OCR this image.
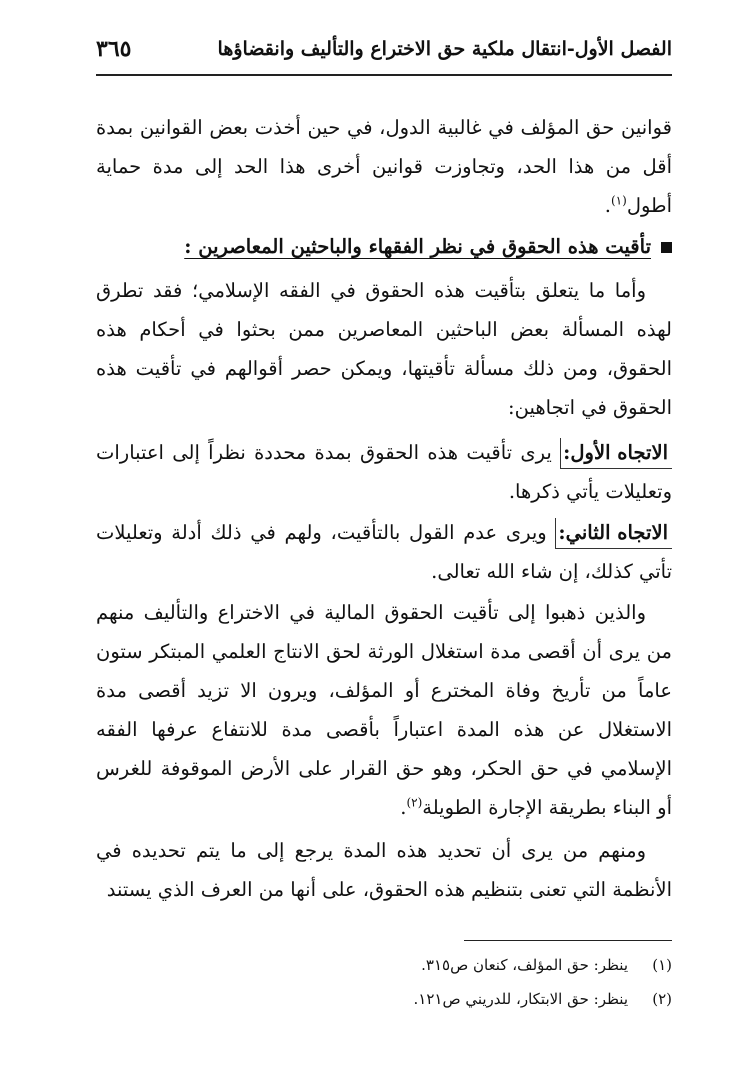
الفصل الأول-انتقال ملكية حق الاختراع والتأليف وانقضاؤها
٣٦٥

قوانين حق المؤلف في غالبية الدول، في حين أخذت بعض القوانين بمدة أقل من هذا الحد، وتجاوزت قوانين أخرى هذا الحد إلى مدة حماية أطول$^{(١)}$.

تأقيت هذه الحقوق في نظر الفقهاء والباحثين المعاصرين :

وأما ما يتعلق بتأقيت هذه الحقوق في الفقه الإسلامي؛ فقد تطرق لهذه المسألة بعض الباحثين المعاصرين ممن بحثوا في أحكام هذه الحقوق، ومن ذلك مسألة تأقيتها، ويمكن حصر أقوالهم في تأقيت هذه الحقوق في اتجاهين:

الاتجاه الأول: يرى تأقيت هذه الحقوق بمدة محددة نظراً إلى اعتبارات وتعليلات يأتي ذكرها.

الاتجاه الثاني: ويرى عدم القول بالتأقيت، ولهم في ذلك أدلة وتعليلات تأتي كذلك، إن شاء الله تعالى.

والذين ذهبوا إلى تأقيت الحقوق المالية في الاختراع والتأليف منهم من يرى أن أقصى مدة استغلال الورثة لحق الانتاج العلمي المبتكر ستون عاماً من تأريخ وفاة المخترع أو المؤلف، ويرون الا تزيد أقصى مدة الاستغلال عن هذه المدة اعتباراً بأقصى مدة للانتفاع عرفها الفقه الإسلامي في حق الحكر، وهو حق القرار على الأرض الموقوفة للغرس أو البناء بطريقة الإجارة الطويلة$^{(٢)}$.

ومنهم من يرى أن تحديد هذه المدة يرجع إلى ما يتم تحديده في الأنظمة التي تعنى بتنظيم هذه الحقوق، على أنها من العرف الذي يستند

(١)ينظر: حق المؤلف، كنعان ص٣١٥.
(٢)ينظر: حق الابتكار، للدريني ص١٢١.
